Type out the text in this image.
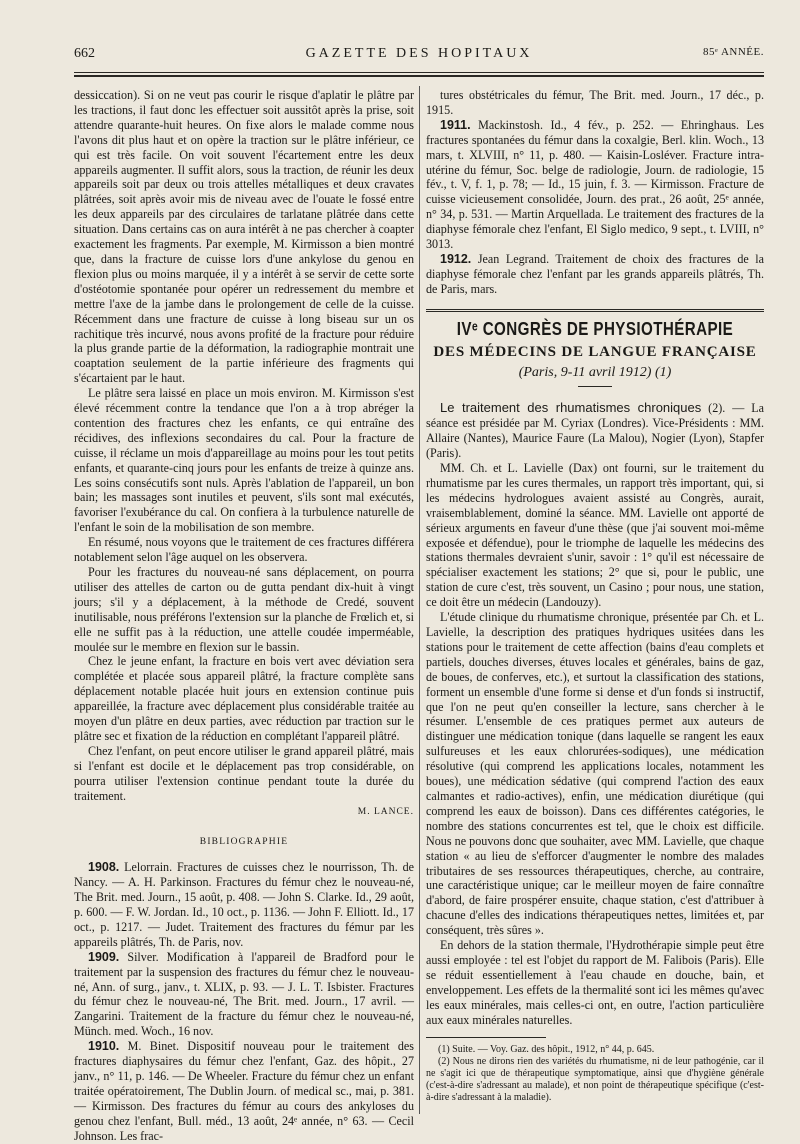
662	GAZETTE DES HOPITAUX	85ᵉ ANNÉE.

dessiccation). Si on ne veut pas courir le risque d'aplatir le plâtre par les tractions, il faut donc les effectuer soit aussitôt après la prise, soit attendre quarante-huit heures. On fixe alors le malade comme nous l'avons dit plus haut et on opère la traction sur le plâtre inférieur, ce qui est très facile. On voit souvent l'écartement entre les deux appareils augmenter. Il suffit alors, sous la traction, de réunir les deux appareils soit par deux ou trois attelles métalliques et deux cravates plâtrées, soit après avoir mis de niveau avec de l'ouate le fossé entre les deux appareils par des circulaires de tarlatane plâtrée dans cette situation. Dans certains cas on aura intérêt à ne pas chercher à coapter exactement les fragments. Par exemple, M. Kirmisson a bien montré que, dans la fracture de cuisse lors d'une ankylose du genou en flexion plus ou moins marquée, il y a intérêt à se servir de cette sorte d'ostéotomie spontanée pour opérer un redressement du membre et mettre l'axe de la jambe dans le prolongement de celle de la cuisse. Récemment dans une fracture de cuisse à long biseau sur un os rachitique très incurvé, nous avons profité de la fracture pour réduire la plus grande partie de la déformation, la radiographie montrait une coaptation seulement de la partie inférieure des fragments qui s'écartaient par le haut.

Le plâtre sera laissé en place un mois environ. M. Kirmisson s'est élevé récemment contre la tendance que l'on a à trop abréger la contention des fractures chez les enfants, ce qui entraîne des récidives, des inflexions secondaires du cal. Pour la fracture de cuisse, il réclame un mois d'appareillage au moins pour les tout petits enfants, et quarante-cinq jours pour les enfants de treize à quinze ans. Les soins consécutifs sont nuls. Après l'ablation de l'appareil, un bon bain; les massages sont inutiles et peuvent, s'ils sont mal exécutés, favoriser l'exubérance du cal. On confiera à la turbulence naturelle de l'enfant le soin de la mobilisation de son membre.

En résumé, nous voyons que le traitement de ces fractures différera notablement selon l'âge auquel on les observera.

Pour les fractures du nouveau-né sans déplacement, on pourra utiliser des attelles de carton ou de gutta pendant dix-huit à vingt jours; s'il y a déplacement, à la méthode de Credé, souvent inutilisable, nous préférons l'extension sur la planche de Frœlich et, si elle ne suffit pas à la réduction, une attelle coudée imperméable, moulée sur le membre en flexion sur le bassin.

Chez le jeune enfant, la fracture en bois vert avec déviation sera complétée et placée sous appareil plâtré, la fracture complète sans déplacement notable placée huit jours en extension continue puis appareillée, la fracture avec déplacement plus considérable traitée au moyen d'un plâtre en deux parties, avec réduction par traction sur le plâtre sec et fixation de la réduction en complétant l'appareil plâtré.

Chez l'enfant, on peut encore utiliser le grand appareil plâtré, mais si l'enfant est docile et le déplacement pas trop considérable, on pourra utiliser l'extension continue pendant toute la durée du traitement.

M. LANCE.
BIBLIOGRAPHIE

1908. Lelorrain. Fractures de cuisses chez le nourrisson, Th. de Nancy. — A. H. Parkinson. Fractures du fémur chez le nouveau-né, The Brit. med. Journ., 15 août, p. 408. — John S. Clarke. Id., 29 août, p. 600. — F. W. Jordan. Id., 10 oct., p. 1136. — John F. Elliott. Id., 17 oct., p. 1217. — Judet. Traitement des fractures du fémur par les appareils plâtrés, Th. de Paris, nov.

1909. Silver. Modification à l'appareil de Bradford pour le traitement par la suspension des fractures du fémur chez le nouveau-né, Ann. of surg., janv., t. XLIX, p. 93. — J. L. T. Isbister. Fractures du fémur chez le nouveau-né, The Brit. med. Journ., 17 avril. — Zangarini. Traitement de la fracture du fémur chez le nouveau-né, Münch. med. Woch., 16 nov.

1910. M. Binet. Dispositif nouveau pour le traitement des fractures diaphysaires du fémur chez l'enfant, Gaz. des hôpit., 27 janv., n° 11, p. 146. — De Wheeler. Fracture du fémur chez un enfant traitée opératoirement, The Dublin Journ. of medical sc., mai, p. 381. — Kirmisson. Des fractures du fémur au cours des ankyloses du genou chez l'enfant, Bull. méd., 13 août, 24ᵉ année, n° 63. — Cecil Johnson. Les frac-

tures obstétricales du fémur, The Brit. med. Journ., 17 déc., p. 1915.

1911. Mackinstosh. Id., 4 fév., p. 252. — Ehringhaus. Les fractures spontanées du fémur dans la coxalgie, Berl. klin. Woch., 13 mars, t. XLVIII, n° 11, p. 480. — Kaisin-Losléver. Fracture intra-utérine du fémur, Soc. belge de radiologie, Journ. de radiologie, 15 fév., t. V, f. 1, p. 78; — Id., 15 juin, f. 3. — Kirmisson. Fracture de cuisse vicieusement consolidée, Journ. des prat., 26 août, 25ᵉ année, n° 34, p. 531. — Martin Arquellada. Le traitement des fractures de la diaphyse fémorale chez l'enfant, El Siglo medico, 9 sept., t. LVIII, n° 3013.

1912. Jean Legrand. Traitement de choix des fractures de la diaphyse fémorale chez l'enfant par les grands appareils plâtrés, Th. de Paris, mars.

IVᵉ CONGRÈS DE PHYSIOTHÉRAPIE
DES MÉDECINS DE LANGUE FRANÇAISE
(Paris, 9-11 avril 1912) (1)

Le traitement des rhumatismes chroniques (2). — La séance est présidée par M. Cyriax (Londres). Vice-Présidents : MM. Allaire (Nantes), Maurice Faure (La Malou), Nogier (Lyon), Stapfer (Paris).

MM. Ch. et L. Lavielle (Dax) ont fourni, sur le traitement du rhumatisme par les cures thermales, un rapport très important, qui, si les médecins hydrologues avaient assisté au Congrès, aurait, vraisemblablement, dominé la séance. MM. Lavielle ont apporté de sérieux arguments en faveur d'une thèse (que j'ai souvent moi-même exposée et défendue), pour le triomphe de laquelle les médecins des stations thermales devraient s'unir, savoir : 1° qu'il est nécessaire de spécialiser exactement les stations; 2° que si, pour le public, une station de cure c'est, très souvent, un Casino ; pour nous, une station, ce doit être un médecin (Landouzy).

L'étude clinique du rhumatisme chronique, présentée par Ch. et L. Lavielle, la description des pratiques hydriques usitées dans les stations pour le traitement de cette affection (bains d'eau complets et partiels, douches diverses, étuves locales et générales, bains de gaz, de boues, de conferves, etc.), et surtout la classification des stations, forment un ensemble d'une forme si dense et d'un fonds si instructif, que l'on ne peut qu'en conseiller la lecture, sans chercher à le résumer. L'ensemble de ces pratiques permet aux auteurs de distinguer une médication tonique (dans laquelle se rangent les eaux sulfureuses et les eaux chlorurées-sodiques), une médication résolutive (qui comprend les applications locales, notamment les boues), une médication sédative (qui comprend l'action des eaux calmantes et radio-actives), enfin, une médication diurétique (qui comprend les eaux de boisson). Dans ces différentes catégories, le nombre des stations concurrentes est tel, que le choix est difficile. Nous ne pouvons donc que souhaiter, avec MM. Lavielle, que chaque station « au lieu de s'efforcer d'augmenter le nombre des malades tributaires de ses ressources thérapeutiques, cherche, au contraire, une caractéristique unique; car le meilleur moyen de faire connaître d'abord, de faire prospérer ensuite, chaque station, c'est d'attribuer à chacune d'elles des indications thérapeutiques nettes, limitées et, par conséquent, très sûres ».

En dehors de la station thermale, l'Hydrothérapie simple peut être aussi employée : tel est l'objet du rapport de M. Falibois (Paris). Elle se réduit essentiellement à l'eau chaude en douche, bain, et enveloppement. Les effets de la thermalité sont ici les mêmes qu'avec les eaux minérales, mais celles-ci ont, en outre, l'action particulière aux eaux minérales naturelles.

(1) Suite. — Voy. Gaz. des hôpit., 1912, n° 44, p. 645.

(2) Nous ne dirons rien des variétés du rhumatisme, ni de leur pathogénie, car il ne s'agit ici que de thérapeutique symptomatique, ainsi que d'hygiène générale (c'est-à-dire s'adressant au malade), et non point de thérapeutique spécifique (c'est-à-dire s'adressant à la maladie).
